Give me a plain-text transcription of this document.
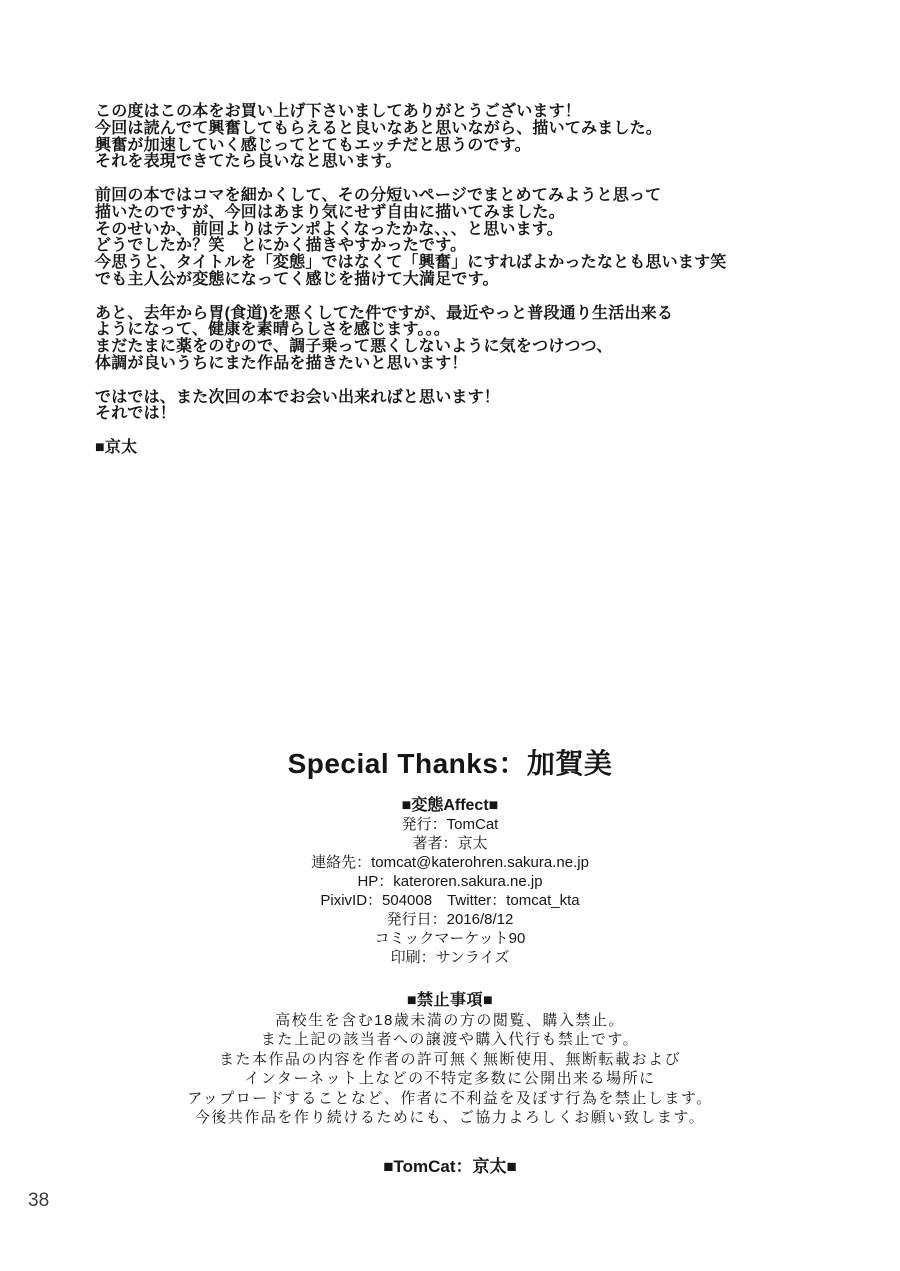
この度はこの本をお買い上げ下さいましてありがとうございます！
今回は読んでて興奮してもらえると良いなあと思いながら、描いてみました。
興奮が加速していく感じってとてもエッチだと思うのです。
それを表現できてたら良いなと思います。
前回の本ではコマを細かくして、その分短いページでまとめてみようと思って
描いたのですが、今回はあまり気にせず自由に描いてみました。
そのせいか、前回よりはテンポよくなったかな、、、と思います。
どうでしたか？笑　とにかく描きやすかったです。
今思うと、タイトルを「変態」ではなくて「興奮」にすればよかったなとも思います笑
でも主人公が変態になってく感じを描けて大満足です。
あと、去年から胃(食道)を悪くしてた件ですが、最近やっと普段通り生活出来る
ようになって、健康を素晴らしさを感じます。。。
まだたまに薬をのむので、調子乗って悪くしないように気をつけつつ、
体調が良いうちにまた作品を描きたいと思います！
ではでは、また次回の本でお会い出来ればと思います！
それでは！
■京太
Special Thanks：加賀美
■変態Affect■
発行：TomCat
著者：京太
連絡先：tomcat@katerohren.sakura.ne.jp
HP：kateroren.sakura.ne.jp
PixivID：504008　Twitter：tomcat_kta
発行日：2016/8/12
コミックマーケット90
印刷：サンライズ
■禁止事項■
高校生を含む18歳未満の方の閲覧、購入禁止。
また上記の該当者への譲渡や購入代行も禁止です。
また本作品の内容を作者の許可無く無断使用、無断転載および
インターネット上などの不特定多数に公開出来る場所に
アップロードすることなど、作者に不利益を及ぼす行為を禁止します。
今後共作品を作り続けるためにも、ご協力よろしくお願い致します。
■TomCat：京太■
38
